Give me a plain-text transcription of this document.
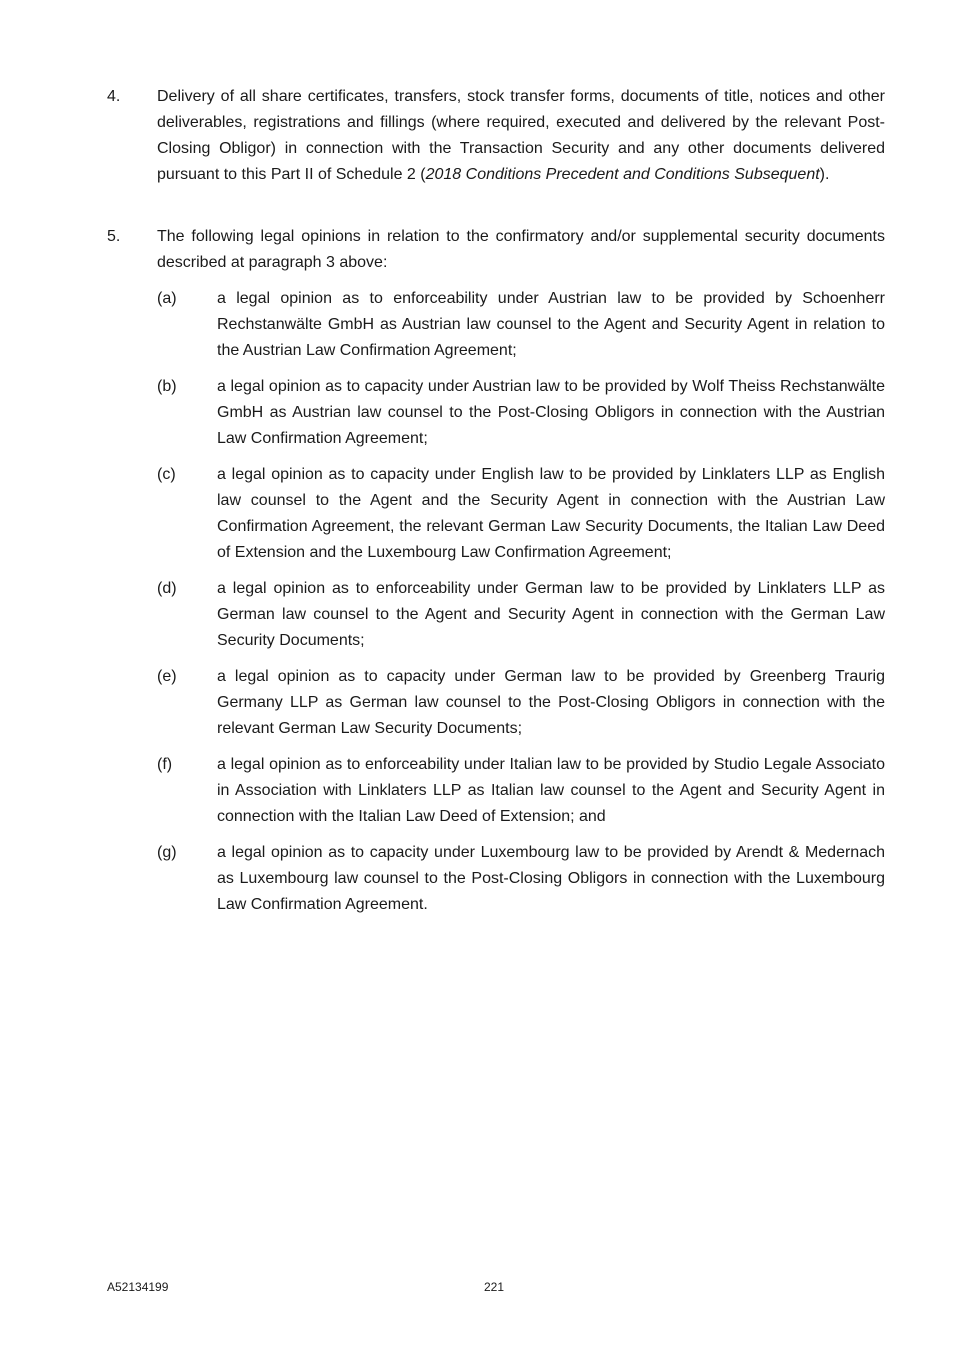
4. Delivery of all share certificates, transfers, stock transfer forms, documents of title, notices and other deliverables, registrations and fillings (where required, executed and delivered by the relevant Post-Closing Obligor) in connection with the Transaction Security and any other documents delivered pursuant to this Part II of Schedule 2 (2018 Conditions Precedent and Conditions Subsequent).
5. The following legal opinions in relation to the confirmatory and/or supplemental security documents described at paragraph 3 above:
(a)	a legal opinion as to enforceability under Austrian law to be provided by Schoenherr Rechstanwälte GmbH as Austrian law counsel to the Agent and Security Agent in relation to the Austrian Law Confirmation Agreement;
(b)	a legal opinion as to capacity under Austrian law to be provided by Wolf Theiss Rechstanwälte GmbH as Austrian law counsel to the Post-Closing Obligors in connection with the Austrian Law Confirmation Agreement;
(c)	a legal opinion as to capacity under English law to be provided by Linklaters LLP as English law counsel to the Agent and the Security Agent in connection with the Austrian Law Confirmation Agreement, the relevant German Law Security Documents, the Italian Law Deed of Extension and the Luxembourg Law Confirmation Agreement;
(d)	a legal opinion as to enforceability under German law to be provided by Linklaters LLP as German law counsel to the Agent and Security Agent in connection with the German Law Security Documents;
(e)	a legal opinion as to capacity under German law to be provided by Greenberg Traurig Germany LLP as German law counsel to the Post-Closing Obligors in connection with the relevant German Law Security Documents;
(f)	a legal opinion as to enforceability under Italian law to be provided by Studio Legale Associato in Association with Linklaters LLP as Italian law counsel to the Agent and Security Agent in connection with the Italian Law Deed of Extension; and
(g)	a legal opinion as to capacity under Luxembourg law to be provided by Arendt & Medernach as Luxembourg law counsel to the Post-Closing Obligors in connection with the Luxembourg Law Confirmation Agreement.
A52134199	221
